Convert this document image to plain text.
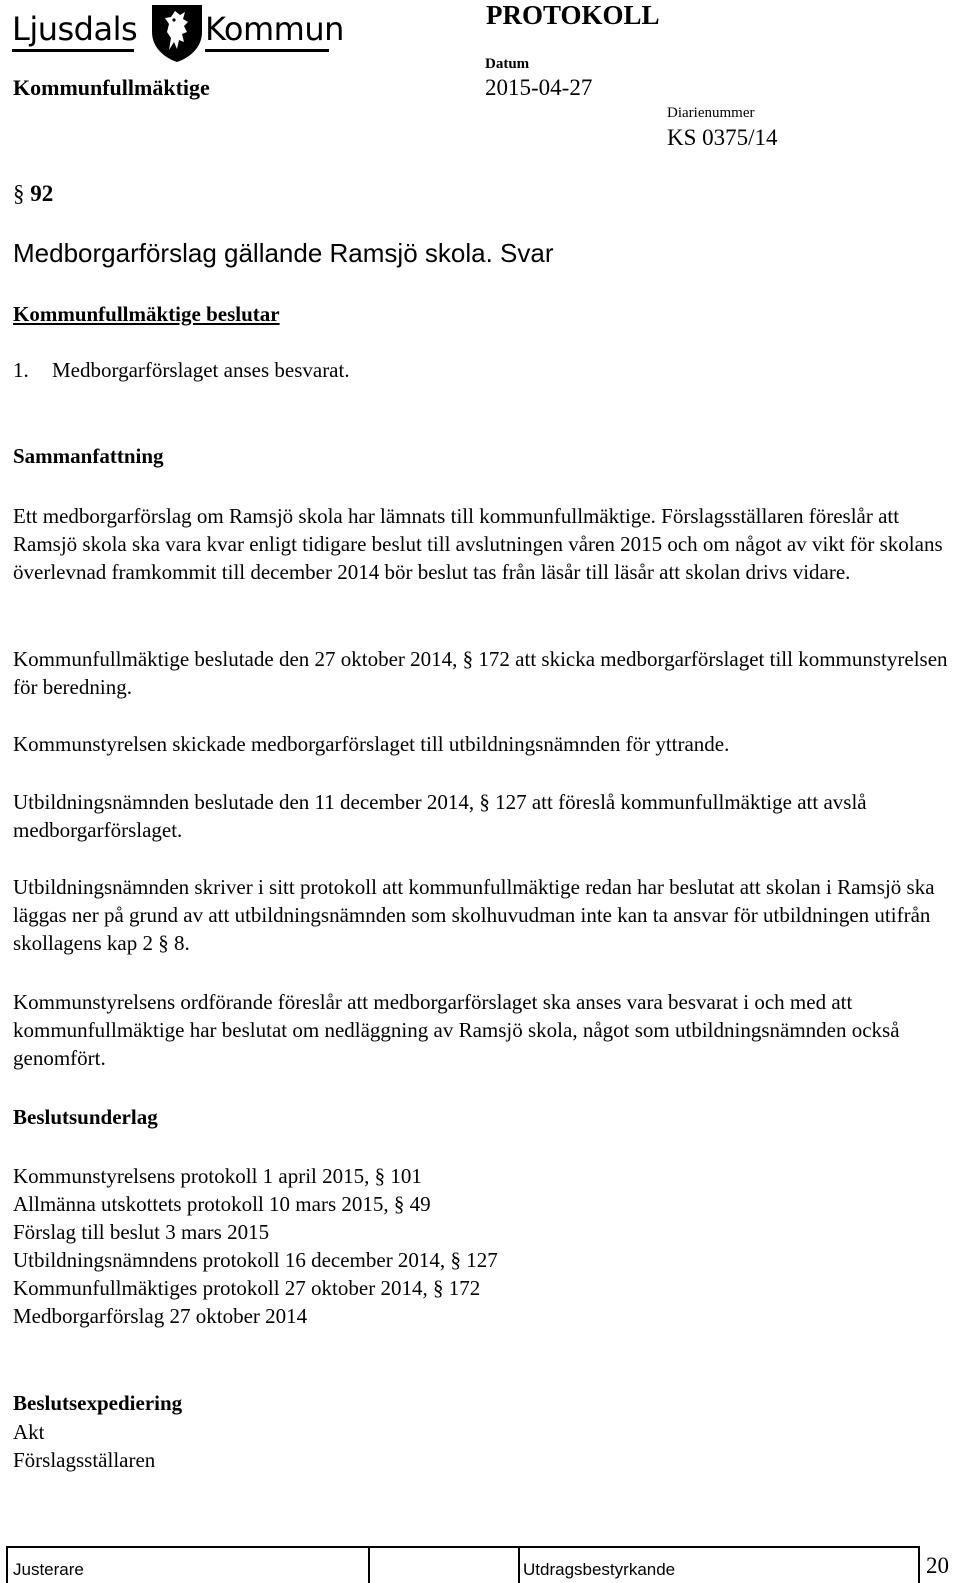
Ljusdals Kommun	PROTOKOLL
Kommunfullmäktige
Datum
2015-04-27
Diarienummer
KS 0375/14
§ 92
Medborgarförslag gällande Ramsjö skola. Svar
Kommunfullmäktige beslutar
1. Medborgarförslaget anses besvarat.
Sammanfattning
Ett medborgarförslag om Ramsjö skola har lämnats till kommunfullmäktige. Förslagsställaren föreslår att Ramsjö skola ska vara kvar enligt tidigare beslut till avslutningen våren 2015 och om något av vikt för skolans överlevnad framkommit till december 2014 bör beslut tas från läsår till läsår att skolan drivs vidare.
Kommunfullmäktige beslutade den 27 oktober 2014, § 172 att skicka medborgarförslaget till kommunstyrelsen för beredning.
Kommunstyrelsen skickade medborgarförslaget till utbildningsnämnden för yttrande.
Utbildningsnämnden beslutade den 11 december 2014, § 127 att föreslå kommunfullmäktige att avslå medborgarförslaget.
Utbildningsnämnden skriver i sitt protokoll att kommunfullmäktige redan har beslutat att skolan i Ramsjö ska läggas ner på grund av att utbildningsnämnden som skolhuvudman inte kan ta ansvar för utbildningen utifrån skollagens kap 2 § 8.
Kommunstyrelsens ordförande föreslår att medborgarförslaget ska anses vara besvarat i och med att kommunfullmäktige har beslutat om nedläggning av Ramsjö skola, något som utbildningsnämnden också genomfört.
Beslutsunderlag
Kommunstyrelsens protokoll 1 april 2015, § 101
Allmänna utskottets protokoll 10 mars 2015, § 49
Förslag till beslut 3 mars 2015
Utbildningsnämndens protokoll 16 december 2014, § 127
Kommunfullmäktiges protokoll 27 oktober 2014, § 172
Medborgarförslag 27 oktober 2014
Beslutsexpediering
Akt
Förslagsställaren
Justerare	Utdragsbestyrkande	20
